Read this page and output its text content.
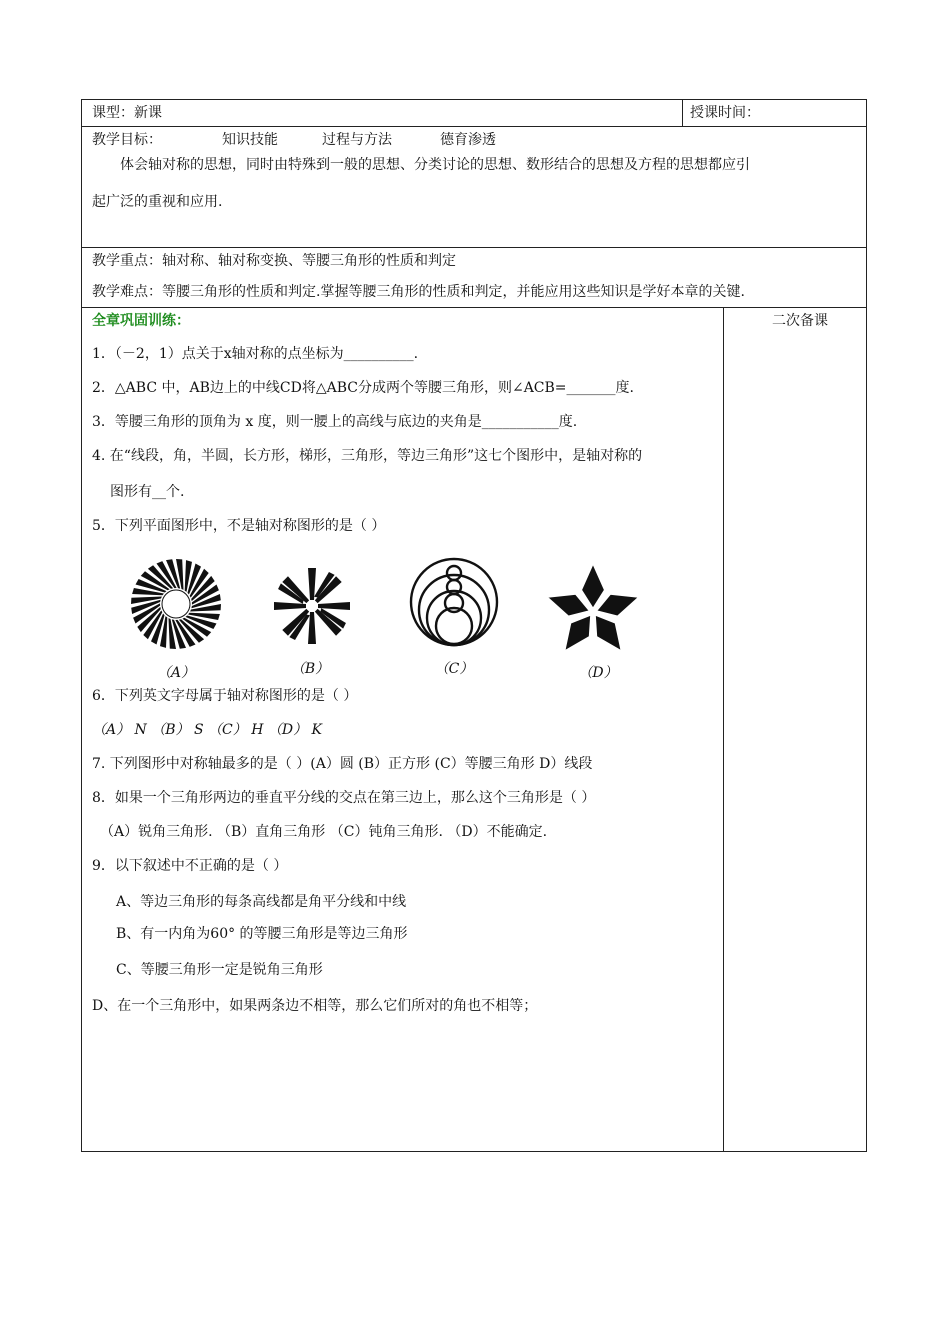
课型：新课	授课时间：
教学目标：	知识技能	过程与方法	德育渗透
体会轴对称的思想，同时由特殊到一般的思想、分类讨论的思想、数形结合的思想及方程的思想都应引
起广泛的重视和应用.
教学重点：轴对称、轴对称变换、等腰三角形的性质和判定
教学难点：等腰三角形的性质和判定.掌握等腰三角形的性质和判定，并能应用这些知识是学好本章的关键.
二次备课
全章巩固训练：
1．（－2，1）点关于x轴对称的点坐标为__________.
2．△ABC 中，AB边上的中线CD将△ABC分成两个等腰三角形，则∠ACB=_______度.
3．等腰三角形的顶角为 x 度，则一腰上的高线与底边的夹角是___________度.
4. 在“线段，角，半圆，长方形，梯形，三角形，等边三角形”这七个图形中，是轴对称的
图形有__个.
5．下列平面图形中，不是轴对称图形的是（ ）
（A）	（B）	（C）	（D）
6．下列英文字母属于轴对称图形的是（ ）
（A） N （B） S （C） H （D） K
7. 下列图形中对称轴最多的是（ ）(A）圆 (B）正方形 (C）等腰三角形 D）线段
8．如果一个三角形两边的垂直平分线的交点在第三边上，那么这个三角形是（ ）
（A）锐角三角形. （B）直角三角形 （C）钝角三角形. （D）不能确定.
9．以下叙述中不正确的是（ ）
A、等边三角形的每条高线都是角平分线和中线
B、有一内角为60° 的等腰三角形是等边三角形
C、等腰三角形一定是锐角三角形
D、在一个三角形中，如果两条边不相等，那么它们所对的角也不相等；
